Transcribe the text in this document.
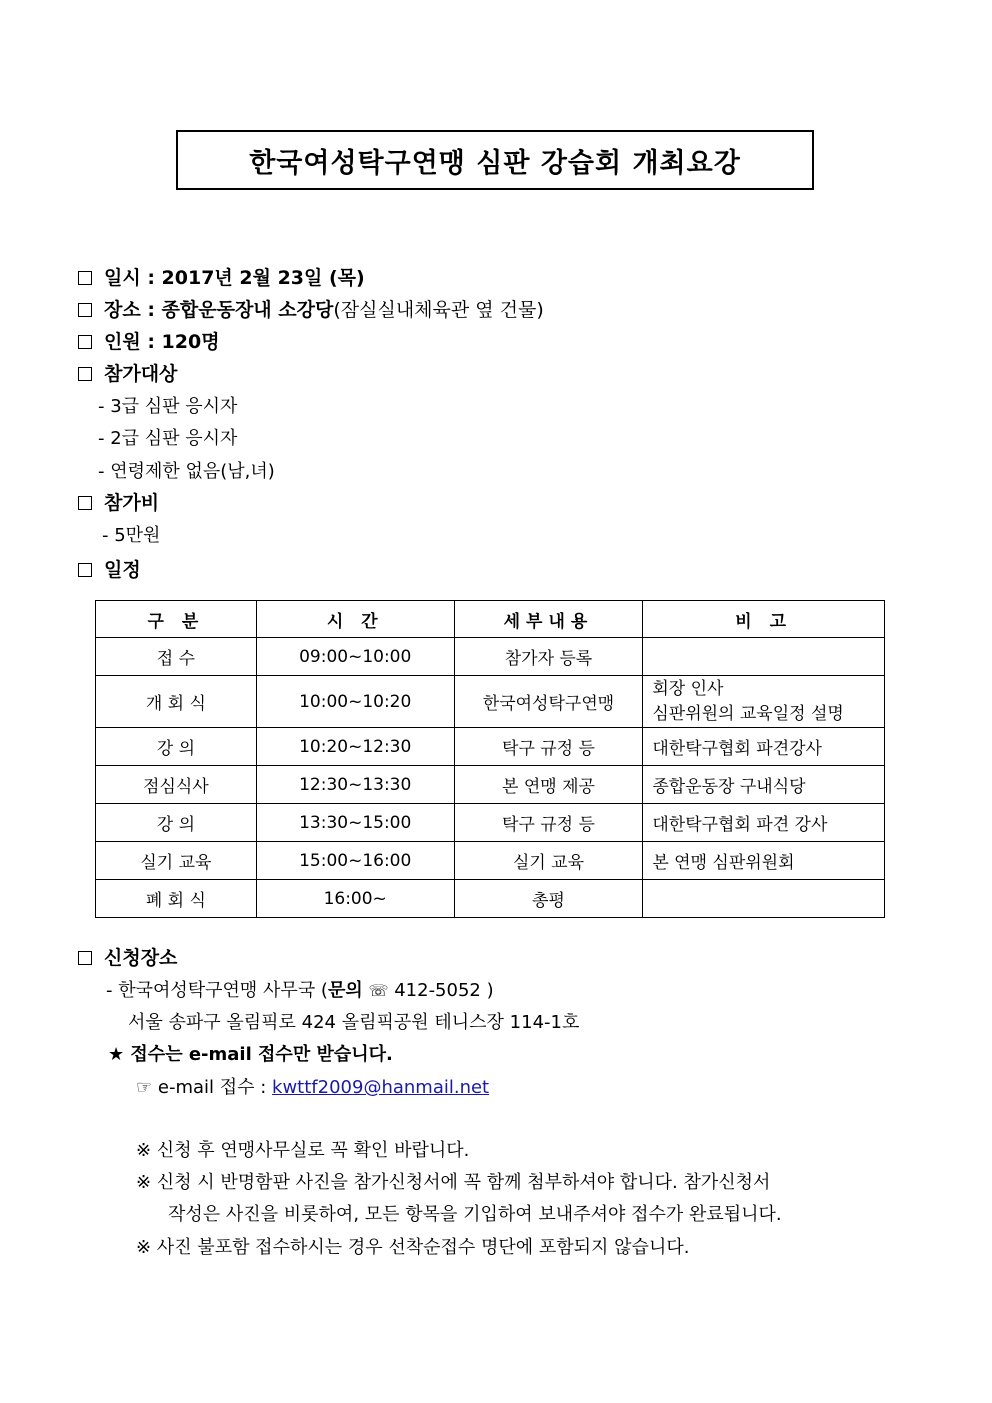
한국여성탁구연맹 심판 강습회 개최요강
일시 : 2017년 2월 23일 (목)
장소 : 종합운동장내 소강당(잠실실내체육관 옆 건물)
인원 : 120명
참가대상
- 3급 심판 응시자
- 2급 심판 응시자
- 연령제한 없음(남,녀)
참가비
- 5만원
일정
구 분	시 간	세부내용	비 고
접 수	09:00~10:00	참가자 등록	
개 회 식	10:00~10:20	한국여성탁구연맹	회장 인사
심판위원의 교육일정 설명

강 의	10:20~12:30	탁구 규정 등	대한탁구협회 파견강사
점심식사	12:30~13:30	본 연맹 제공	종합운동장 구내식당
강 의	13:30~15:00	탁구 규정 등	대한탁구협회 파견 강사
실기 교육	15:00~16:00	실기 교육	본 연맹 심판위원회
폐 회 식	16:00~	총평	
신청장소
- 한국여성탁구연맹 사무국 (문의 ☏ 412-5052 )
서울 송파구 올림픽로 424 올림픽공원 테니스장 114-1호
★ 접수는 e-mail 접수만 받습니다.
☞ e-mail 접수 : kwttf2009@hanmail.net
※ 신청 후 연맹사무실로 꼭 확인 바랍니다.
※ 신청 시 반명함판 사진을 참가신청서에 꼭 함께 첨부하셔야 합니다. 참가신청서
작성은 사진을 비롯하여, 모든 항목을 기입하여 보내주셔야 접수가 완료됩니다.
※ 사진 불포함 접수하시는 경우 선착순접수 명단에 포함되지 않습니다.
